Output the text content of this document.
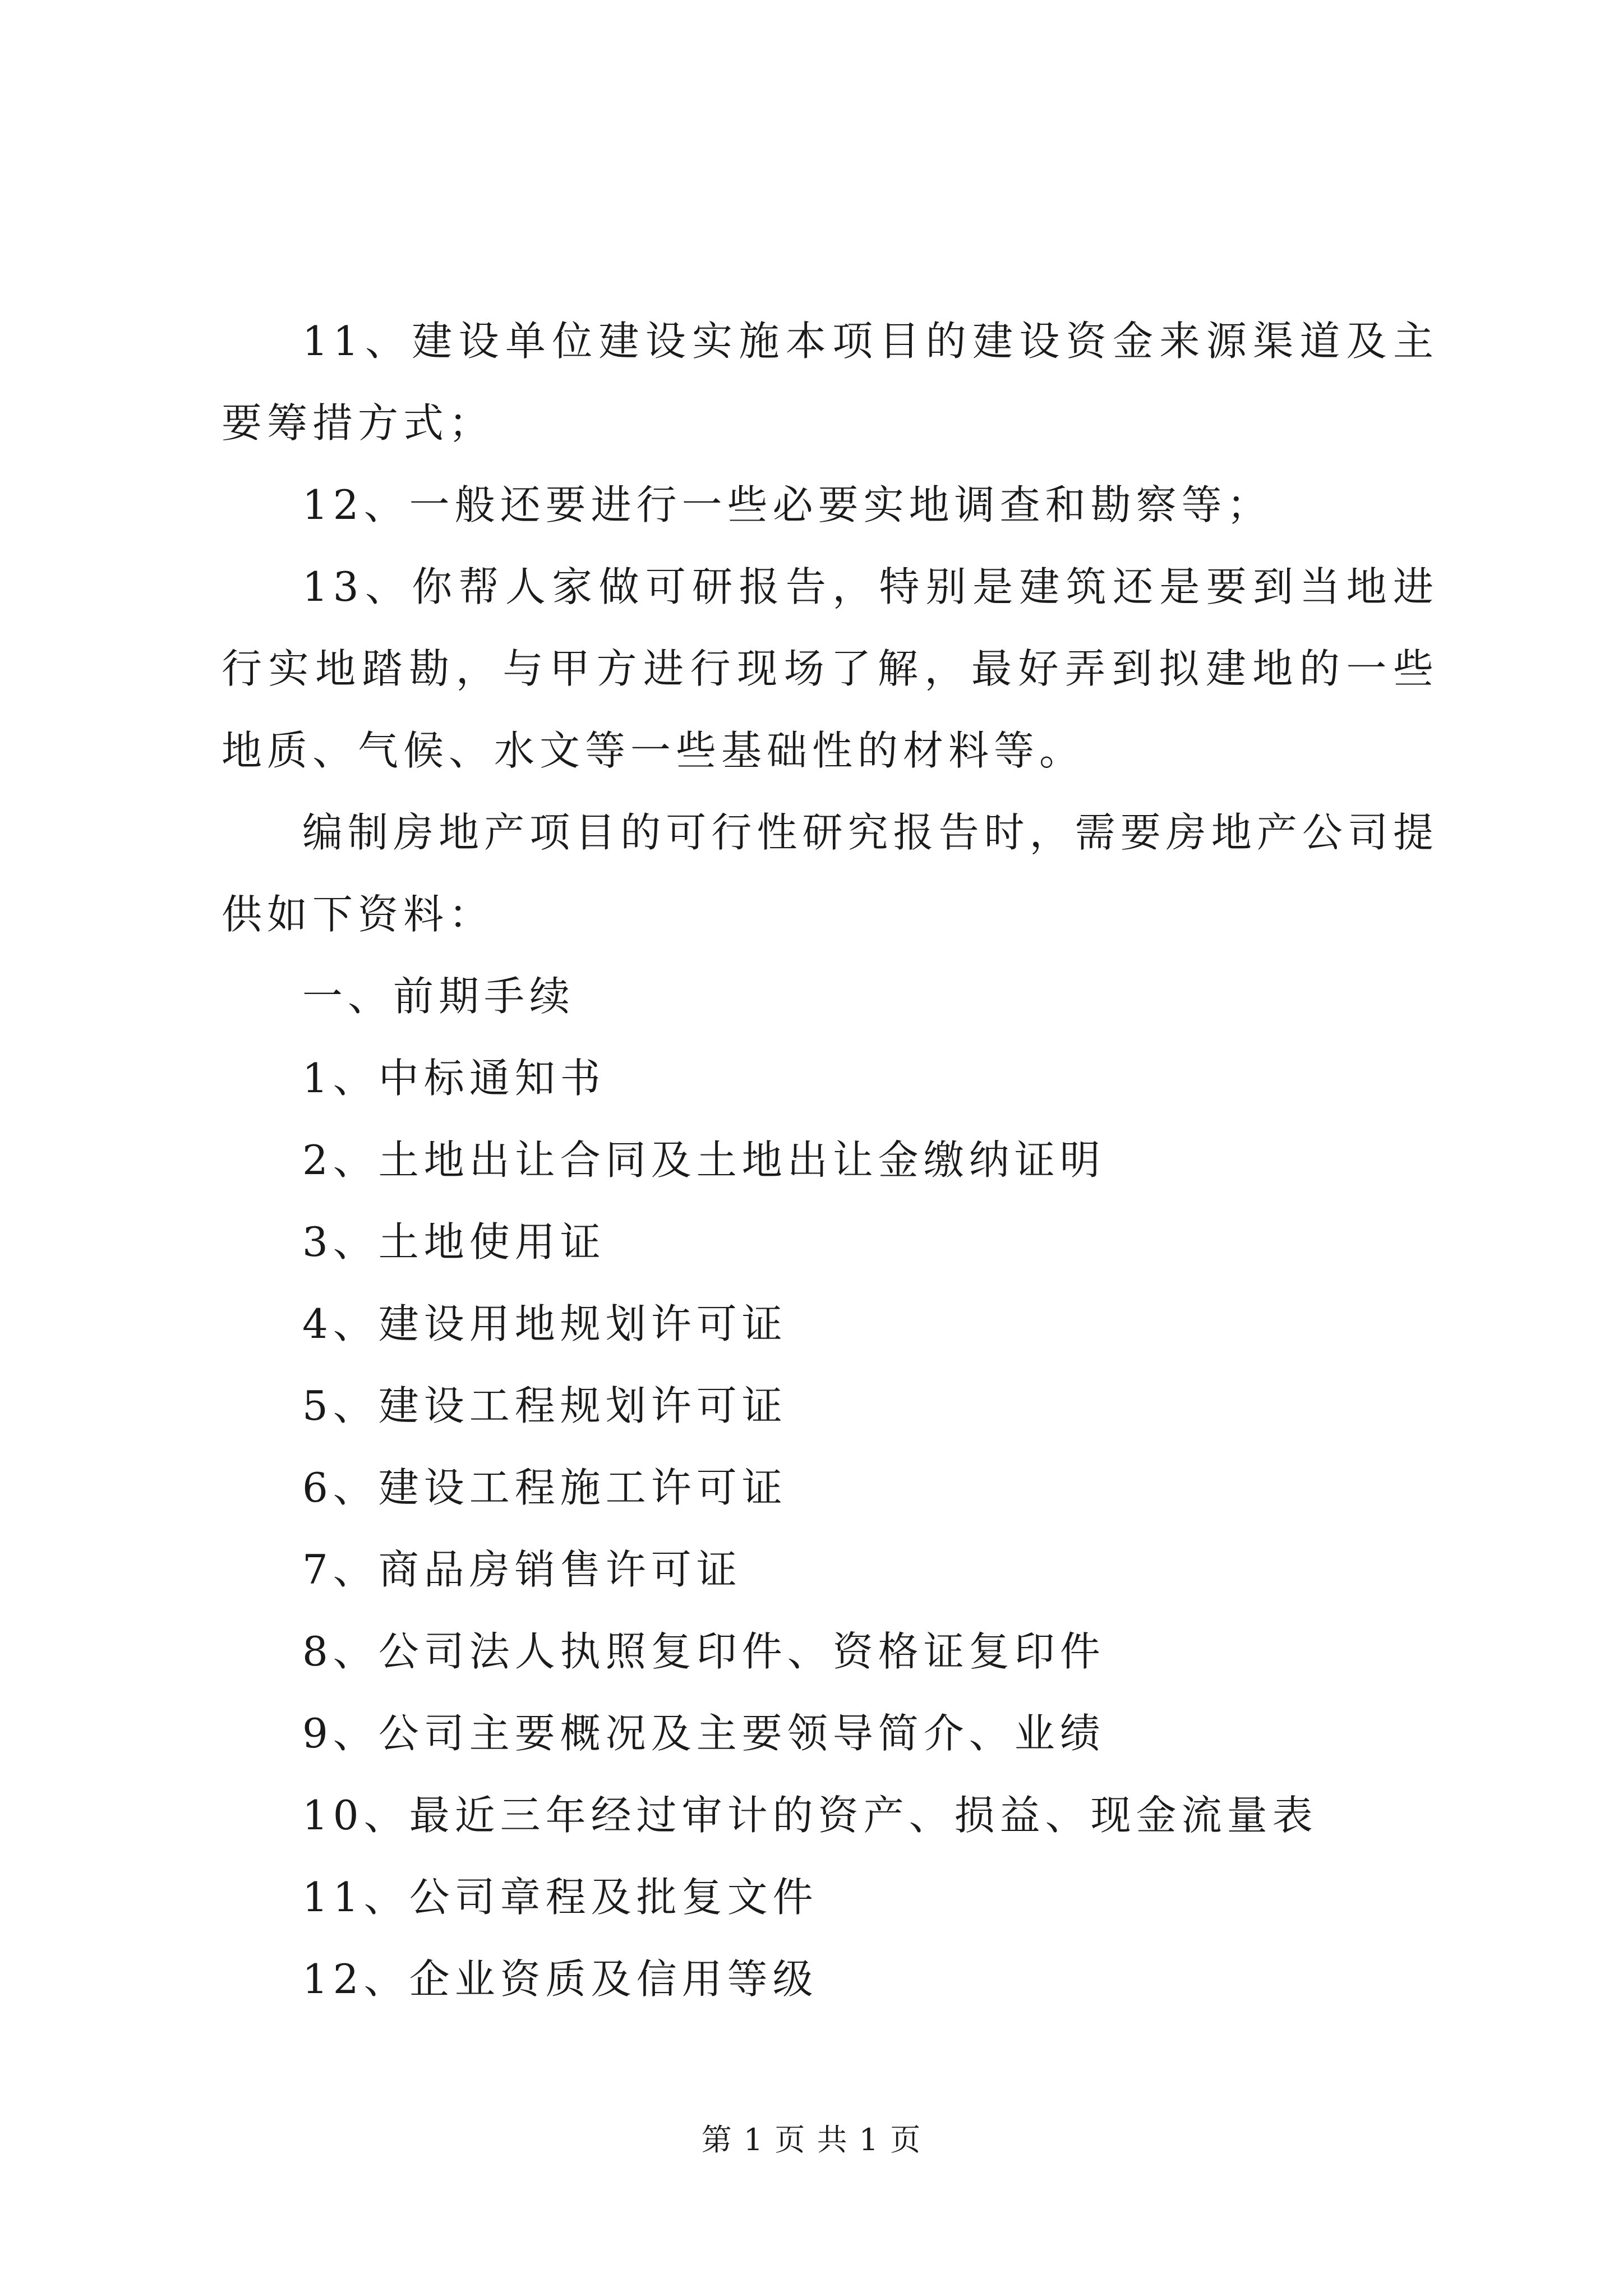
11、建设单位建设实施本项目的建设资金来源渠道及主要筹措方式；

12、一般还要进行一些必要实地调查和勘察等；

13、你帮人家做可研报告，特别是建筑还是要到当地进行实地踏勘，与甲方进行现场了解，最好弄到拟建地的一些地质、气候、水文等一些基础性的材料等。

编制房地产项目的可行性研究报告时，需要房地产公司提供如下资料：

一、前期手续

1、中标通知书

2、土地出让合同及土地出让金缴纳证明

3、土地使用证

4、建设用地规划许可证

5、建设工程规划许可证

6、建设工程施工许可证

7、商品房销售许可证

8、公司法人执照复印件、资格证复印件

9、公司主要概况及主要领导简介、业绩

10、最近三年经过审计的资产、损益、现金流量表

11、公司章程及批复文件

12、企业资质及信用等级

第 1 页 共 1 页
